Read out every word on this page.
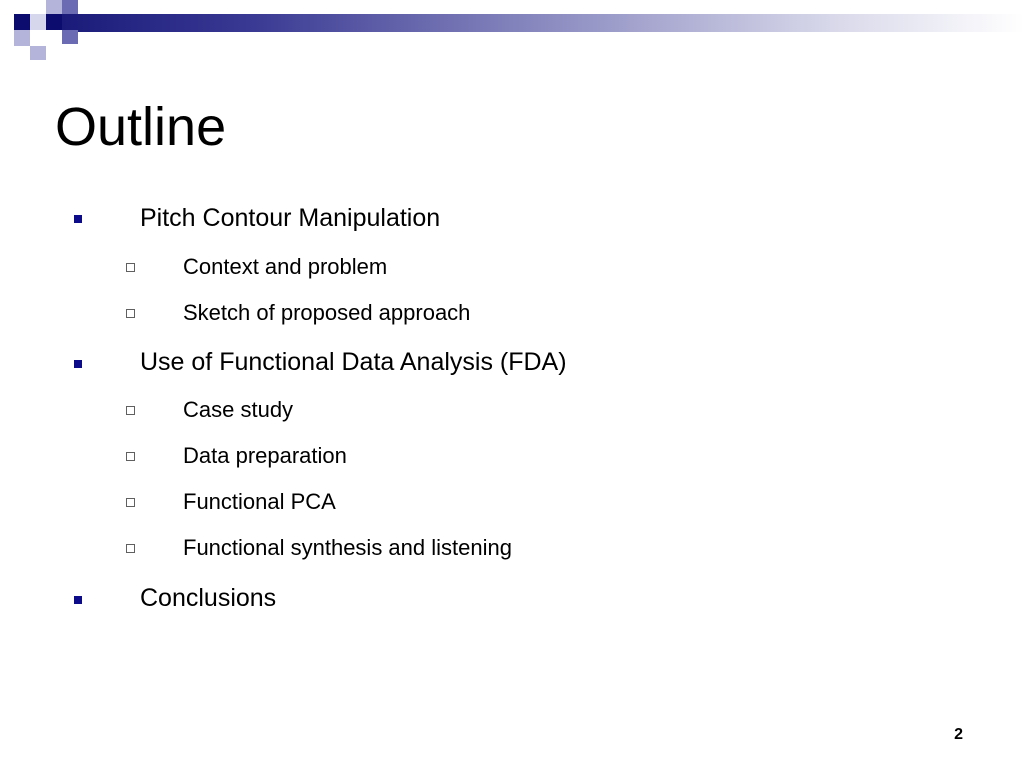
Outline
Pitch Contour Manipulation
Context and problem
Sketch of proposed approach
Use of Functional Data Analysis (FDA)
Case study
Data preparation
Functional PCA
Functional synthesis and listening
Conclusions
2
